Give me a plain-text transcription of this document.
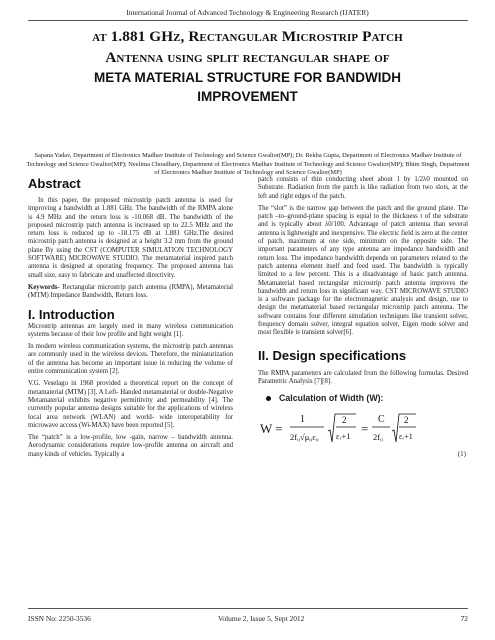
International Journal of Advanced Technology & Engineering Research (IJATER)
at 1.881 GHz, Rectangular Microstrip Patch
Antenna using split rectangular shape of
META MATERIAL STRUCTURE FOR BANDWIDH
IMPROVEMENT
Sapana Yadav, Department of Electronics Madhav Institute of Technology and Science Gwalior(MP); Dr. Rekha Gupta, Department of Electronics Madhav Institute of Technology and Science Gwalior(MP); Neelima Choudhary, Department of Electronics Madhav Institute of Technology and Science Gwalior(MP); Bhim Singh, Department of Electronics Madhav Institute of Technology and Science Gwalior(MP)
Abstract

In this paper, the proposed microstrip patch antenna is used for improving a bandwidth at 1.881 GHz. The bandwidth of the RMPA alone is 4.9 MHz and the return loss is -10.068 dB. The bandwidth of the proposed microstrip patch antenna is increased up to 22.5 MHz and the return loss is reduced up to -18.175 dB at 1.881 GHz.The desired microstrip patch antenna is designed at a height 3.2 mm from the ground plane By using the CST (COMPUTER SIMULATION TECHNOLOGY SOFTWARE) MICROWAVE STUDIO. The metamaterial inspired patch antenna is designed at operating frequency. The proposed antenna has small size, easy to fabricate and unaffected directivity.

Keywords- Rectangular microstrip patch antenna (RMPA), Metamaterial (MTM) Impedance Bandwidth, Return loss.

I. Introduction

Microstrip antennas are largely used in many wireless communication systems because of their low profile and light weight [1].

In modern wireless communication systems, the microstrip patch antennas are commonly used in the wireless devices. Therefore, the miniaturization of the antenna has become an important issue in reducing the volume of entire communication system [2].

V.G. Veselago in 1968 provided a theoretical report on the concept of metamaterial (MTM) [3]. A Left- Handed metamaterial or double-Negative Metamaterial exhibits negative permittivity and permeability [4]. The currently popular antenna designs suitable for the applications of wireless local area network (WLAN) and world- wide interoperability for microwave access (Wi-MAX) have been reported [5].

The “patch” is a low-profile, low -gain, narrow – bandwidth antenna. Aerodynamic considerations require low-profile antenna on aircraft and many kinds of vehicles. Typically a

patch consists of thin conducting sheet about 1 by 1/2λ0 mounted on Substrate. Radiation from the patch is like radiation from two slots, at the left and right edges of the patch.

The “slot” is the narrow gap between the patch and the ground plane. The patch –to–ground-plane spacing is equal to the thickness t of the substrate and is typically about λ0/100. Advantage of patch antenna than several antenna is lightweight and inexpensive. The electric field is zero at the center of patch, maximum at one side, minimum on the opposite side. The important parameters of any type antenna are impedance bandwidth and return loss. The impedance bandwidth depends on parameters related to the patch antenna element itself and feed used. The bandwidth is typically limited to a few percent. This is a disadvantage of basic patch antenna. Metamaterial based rectangular microstrip patch antenna improves the bandwidth and return loss in significant way. CST MICROWAVE STUDIO is a software package for the electromagnetic analysis and design, use to design the metamaterial based rectangular microstrip patch antenna. The software contains four different simulation techniques like transient solver, frequency domain solver, integral equation solver, Eigen mode solver and most flexible is transient solver[6].

II. Design specifications

The RMPA parameters are calculated from the following formulas. Desired Parametric Analysis [7][8].

Calculation of Width (W):
W =
1
2f₀√μ₀ε₀
2
εᵣ+1 =
C
2f₀
2
εᵣ+1
(1)
ISSN No: 2250-3536	Volume 2, Issue 5, Sept 2012	72
